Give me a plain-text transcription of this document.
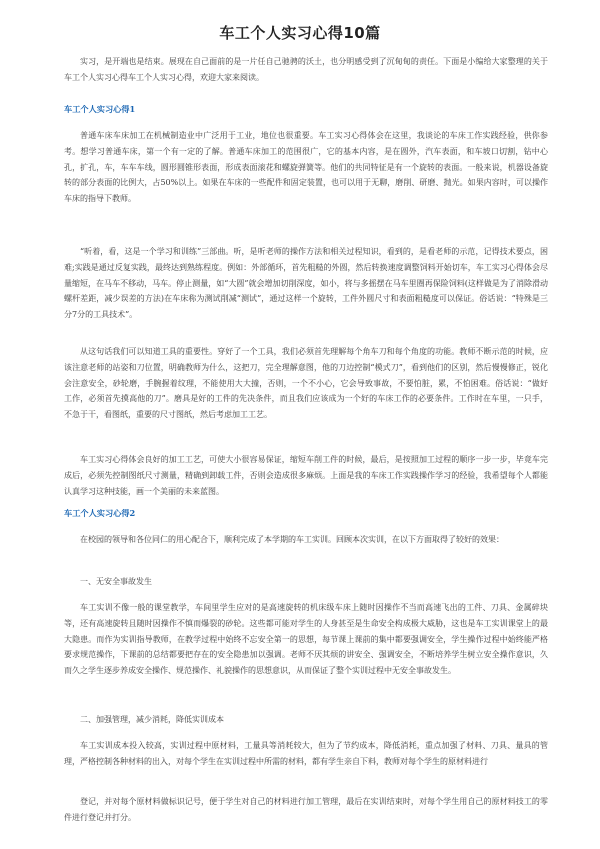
车工个人实习心得10篇

实习，是开端也是结束。展现在自己面前的是一片任自己驰骋的沃土，也分明感受到了沉甸甸的责任。下面是小编给大家整理的关于车工个人实习心得车工个人实习心得，欢迎大家来阅读。

车工个人实习心得1

普通车床车床加工在机械制造业中广泛用于工业，地位也很重要。车工实习心得体会在这里，我谈论的车床工作实践经验，供你参考。想学习普通车床，第一个有一定的了解。普通车床加工的范围很广，它的基本内容，是在圆外，汽车表面，和车坡口切割，钻中心孔，扩孔，车，车车车线，圆形圆锥形表面，形成表面滚花和螺旋弹簧等。他们的共同特征是有一个旋转的表面。一般来说，机器设备旋转的部分表面的比例大，占50%以上。如果在车床的一些配件和固定装置，也可以用于无聊，磨削、研磨、抛光。如果内容时，可以操作车床的指导下教师。

“听着，看，这是一个学习和训练”三部曲。听，是听老师的操作方法和相关过程知识，看到的，是看老师的示范，记得技术要点，困难;实践是通过反复实践，最终达到熟练程度。例如：外部循环，首先粗糙的外圆，然后转换速度调整饲料开始切车，车工实习心得体会尽量缩短，在马车不移动，马车。停止测量，如“大圆”就会增加切削深度，如小，将与多摇摆在马车里圈再保险饲料(这样做是为了消除滑动螺杆差距，减少误差的方法)在车床称为测试削减“测试”，通过这样一个旋转，工件外圆尺寸和表面粗糙度可以保证。俗话说：“特殊是三分7分的工具技术”。

从这句话我们可以知道工具的重要性。穿好了一个工具，我们必须首先理解每个角车刀和每个角度的功能。教师不断示范的时候，应该注意老师的站姿和刀位置，明确教师为什么，这把刀，完全理解意图，他的刀边控制“模式刀”，看到他们的区别，然后慢慢修正，锐化会注意安全，砂轮磨，手腕握着纹理，不能使用大大撞，否则，一个不小心，它会导致事故，不要怕脏，累，不怕困难。俗话说：“做好工作，必须首先摸高他的刀”。磨具是好的工件的先决条件，而且我们应该成为一个好的车床工作的必要条件。工作时在车里，一只手，不急于干，看图纸，重要的尺寸图纸，然后考虑加工工艺。

车工实习心得体会良好的加工工艺，可使大小很容易保证，缩短车削工件的时候，最后，是按照加工过程的顺序一步一步，毕竟车完成后，必须先控制图纸尺寸测量，精确到卸载工件，否则会造成很多麻烦。上面是我的车床工作实践操作学习的经验，我希望每个人都能认真学习这种技能，画一个美丽的未来蓝图。

车工个人实习心得2

在校园的领导和各位同仁的用心配合下，顺利完成了本学期的车工实训。回顾本次实训，在以下方面取得了较好的效果：

一、无安全事故发生

车工实训不像一般的课堂教学，车间里学生应对的是高速旋转的机床级车床上随时因操作不当而高速飞出的工件、刀具、金属碎块等，还有高速旋转且随时因操作不慎而爆裂的砂轮。这些都可能对学生的人身甚至是生命安全构成极大威胁，这也是车工实训课堂上的最大隐患。而作为实训指导教师，在教学过程中始终不忘安全第一的思想，每节课上课前的集中都要强调安全，学生操作过程中始终能严格要求规范操作，下课前的总结都要把存在的安全隐患加以强调。老师不厌其烦的讲安全、强调安全，不断培养学生树立安全操作意识，久而久之学生逐步养成安全操作、规范操作、礼貌操作的思想意识，从而保证了整个实训过程中无安全事故发生。

二、加强管理，减少消耗，降低实训成本

车工实训成本投入较高，实训过程中原材料，工量具等消耗较大，但为了节约成本，降低消耗，重点加强了材料、刀具、量具的管理，严格控制各种材料的出入，对每个学生在实训过程中所需的材料，都有学生亲自下料，教师对每个学生的原材料进行

登记，并对每个原材料做标识记号，便于学生对自己的材料进行加工管理，最后在实训结束时，对每个学生用自己的原材料技工的零件进行登记并打分。
